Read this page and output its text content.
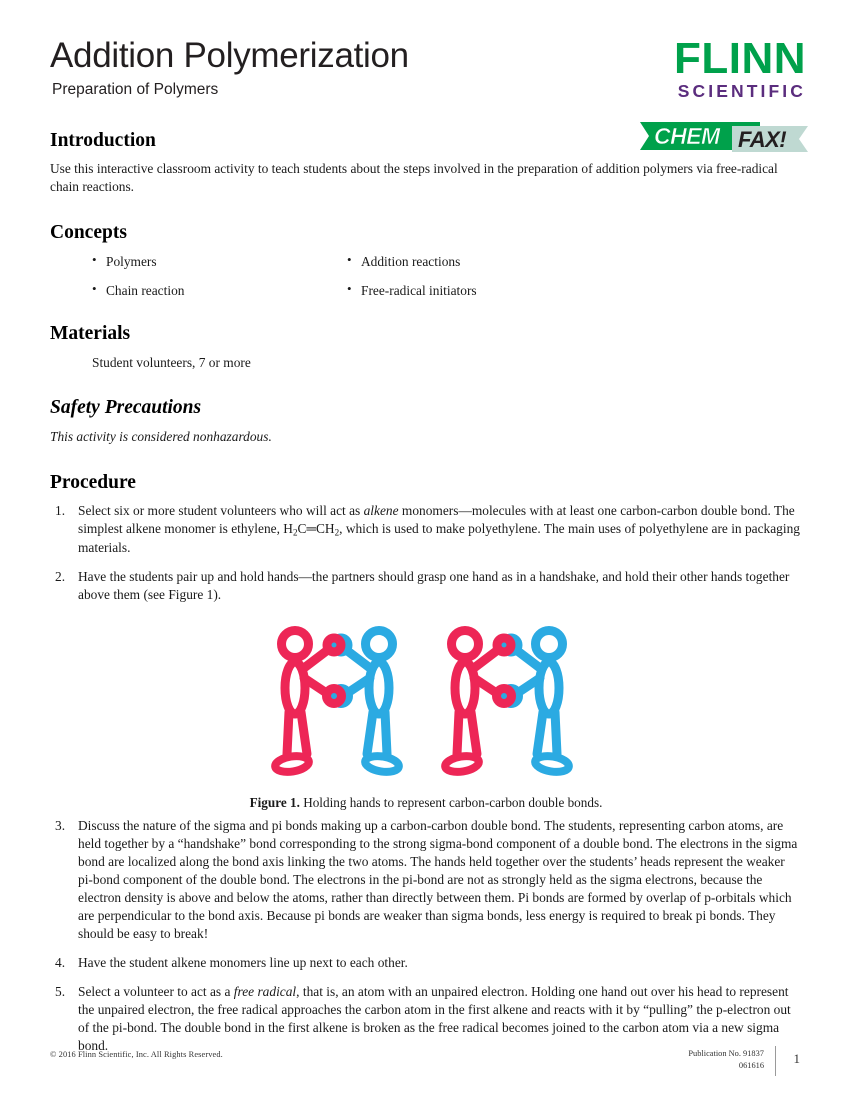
Addition Polymerization
Preparation of Polymers
FLINN
SCIENTIFIC
CHEM FAX!
Introduction

Use this interactive classroom activity to teach students about the steps involved in the preparation of addition polymers via free-radical chain reactions.

Concepts
• Polymers
• Chain reaction
• Addition reactions
• Free-radical initiators
Materials
Student volunteers, 7 or more
Safety Precautions

This activity is considered nonhazardous.

Procedure
1. Select six or more student volunteers who will act as alkene monomers—molecules with at least one carbon-carbon double bond. The simplest alkene monomer is ethylene, $H_2C═CH_2$, which is used to make polyethylene. The main uses of polyethylene are in packaging materials.
2. Have the students pair up and hold hands—the partners should grasp one hand as in a handshake, and hold their other hands together above them (see Figure 1).
Figure 1. Holding hands to represent carbon-carbon double bonds.
3. Discuss the nature of the sigma and pi bonds making up a carbon-carbon double bond. The students, representing carbon atoms, are held together by a “handshake” bond corresponding to the strong sigma-bond component of a double bond. The electrons in the sigma bond are localized along the bond axis linking the two atoms. The hands held together over the students’ heads represent the weaker pi-bond component of the double bond. The electrons in the pi-bond are not as strongly held as the sigma electrons, because the electron density is above and below the atoms, rather than directly between them. Pi bonds are formed by overlap of p-orbitals which are perpendicular to the bond axis. Because pi bonds are weaker than sigma bonds, less energy is required to break pi bonds. They should be easy to break!
4. Have the student alkene monomers line up next to each other.
5. Select a volunteer to act as a free radical, that is, an atom with an unpaired electron. Holding one hand out over his head to represent the unpaired electron, the free radical approaches the carbon atom in the first alkene and reacts with it by “pulling” the p-electron out of the pi-bond. The double bond in the first alkene is broken as the free radical becomes joined to the carbon atom via a new sigma bond.
© 2016 Flinn Scientific, Inc. All Rights Reserved.	Publication No. 91837
061616 1
